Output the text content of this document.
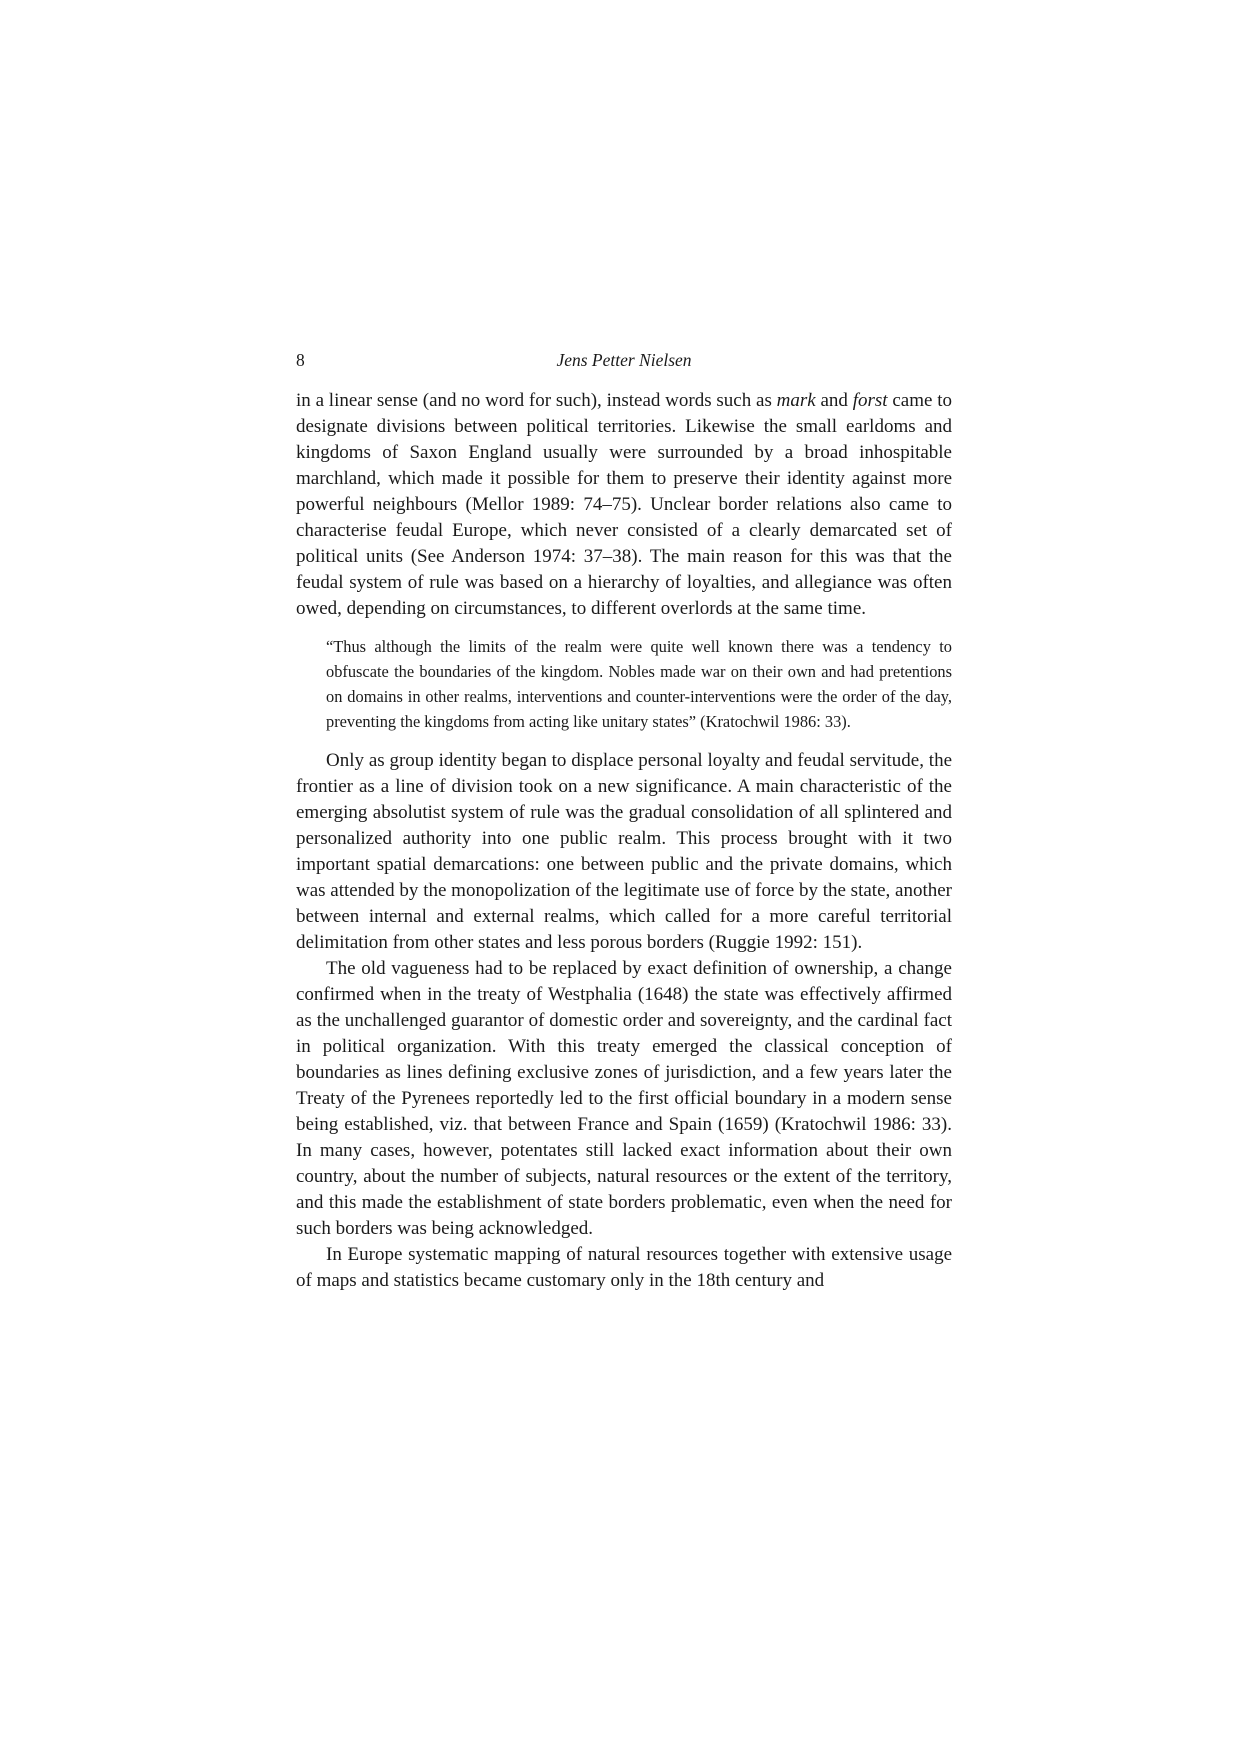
8	Jens Petter Nielsen

in a linear sense (and no word for such), instead words such as mark and forst came to designate divisions between political territories. Likewise the small earldoms and kingdoms of Saxon England usually were surrounded by a broad inhospitable marchland, which made it possible for them to preserve their identity against more powerful neighbours (Mellor 1989: 74–75). Unclear border relations also came to characterise feudal Europe, which never consisted of a clearly demarcated set of political units (See Anderson 1974: 37–38). The main reason for this was that the feudal system of rule was based on a hierarchy of loyalties, and allegiance was often owed, depending on circumstances, to different overlords at the same time.

“Thus although the limits of the realm were quite well known there was a tendency to obfuscate the boundaries of the kingdom. Nobles made war on their own and had pretentions on domains in other realms, interventions and counter-interventions were the order of the day, preventing the kingdoms from acting like unitary states” (Kratochwil 1986: 33).

Only as group identity began to displace personal loyalty and feudal servitude, the frontier as a line of division took on a new significance. A main characteristic of the emerging absolutist system of rule was the gradual consolidation of all splintered and personalized authority into one public realm. This process brought with it two important spatial demarcations: one between public and the private domains, which was attended by the monopolization of the legitimate use of force by the state, another between internal and external realms, which called for a more careful territorial delimitation from other states and less porous borders (Ruggie 1992: 151).

The old vagueness had to be replaced by exact definition of ownership, a change confirmed when in the treaty of Westphalia (1648) the state was effectively affirmed as the unchallenged guarantor of domestic order and sovereignty, and the cardinal fact in political organization. With this treaty emerged the classical conception of boundaries as lines defining exclusive zones of jurisdiction, and a few years later the Treaty of the Pyrenees reportedly led to the first official boundary in a modern sense being established, viz. that between France and Spain (1659) (Kratochwil 1986: 33). In many cases, however, potentates still lacked exact information about their own country, about the number of subjects, natural resources or the extent of the territory, and this made the establishment of state borders problematic, even when the need for such borders was being acknowledged.

In Europe systematic mapping of natural resources together with extensive usage of maps and statistics became customary only in the 18th century and
